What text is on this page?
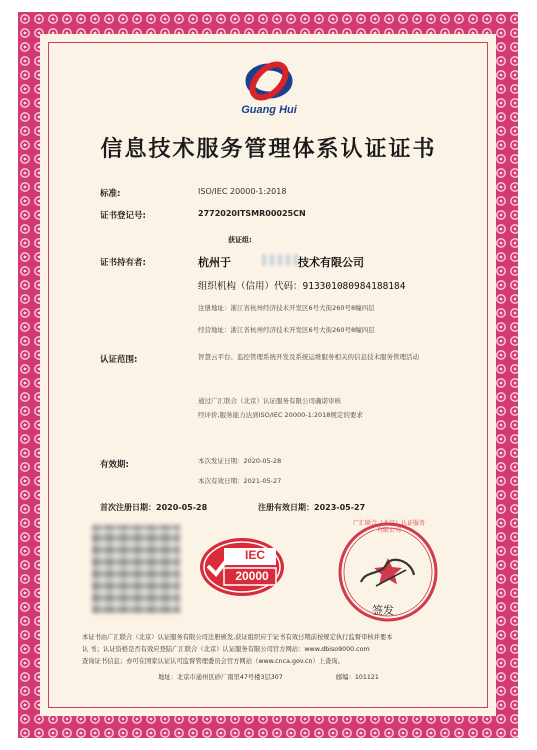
Guang Hui
信息技术服务管理体系认证证书
标准:	ISO/IEC 20000-1:2018
证书登记号:	2772020ITSMR00025CN
获证组:
证书持有者:	杭州于	技术有限公司
组织机构（信用）代码：913301080984188184
注册地址：浙江省杭州经济技术开发区6号大街260号8幢四层
经营地址：浙江省杭州经济技术开发区6号大街260号8幢四层
认证范围:	智慧云平台、监控管理系统开发及系统运维服务相关的信息技术服务管理活动
通过广汇联合（北京）认证服务有限公司确诺审核
经评价,服务能力达到ISO/IEC 20000-1:2018规定的要求
有效期:	本次发证日期：2020-05-28
本次有效日期：2021-05-27
首次注册日期：2020-05-28	注册有效日期：2023-05-27
IEC
20000
广汇联合（北京）认证服务有限公司
签发
本证书由广汇联合（北京）认证服务有限公司注册颁发,获证组织应于证书有效日期前按规定执行监督审核并要本
认 书；认证资格是否有效应登陆广汇联合（北京）认证服务有限公司官方网站：www.dbiso9000.com
查询证书信息；亦可在国家认证认可监督管理委员会官方网站（www.cnca.gov.cn）上查询。
地址：北京市通州区砂厂南里47号楼3层307	邮编：101121
